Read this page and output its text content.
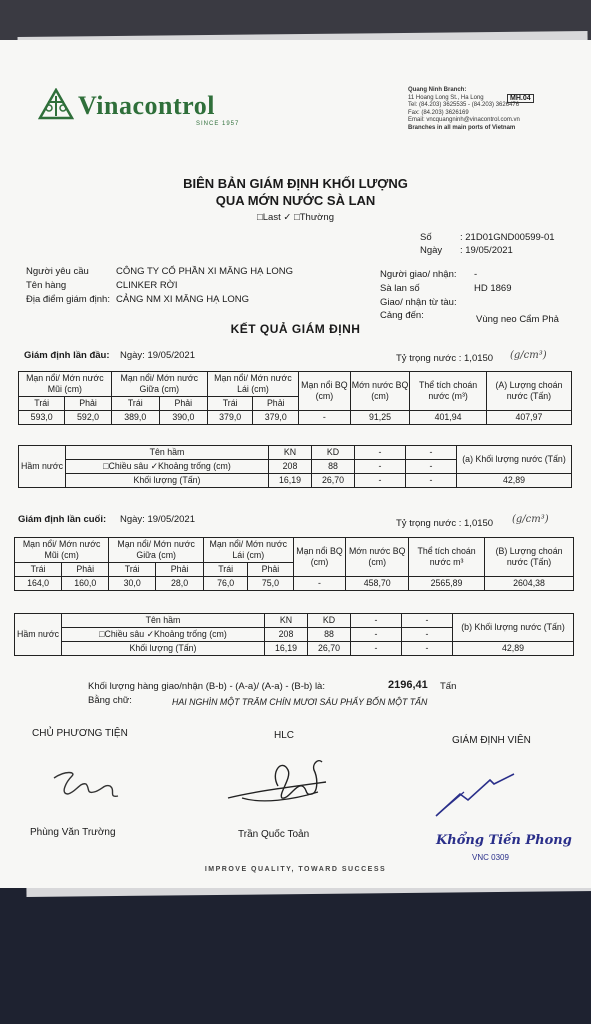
Vinacontrol
SINCE 1957
Quang Ninh Branch:
11 Hoang Long St., Ha Long
Tel: (84.203) 3625535 - (84.203) 3626476
Fax: (84.203) 3626169
Email: vncquangninh@vinacontrol.com.vn
Branches in all main ports of Vietnam
MH.04
BIÊN BẢN GIÁM ĐỊNH KHỐI LƯỢNG
QUA MỚN NƯỚC SÀ LAN
□Last ✓ □Thường
Số	: 21D01GND00599-01
Ngày : 19/05/2021
Người yêu cầu	CÔNG TY CỔ PHẦN XI MĂNG HẠ LONG
Tên hàng	CLINKER RỜI
Địa điểm giám định: CẢNG NM XI MĂNG HẠ LONG
Người giao/ nhận: -
Sà lan số	HD 1869
Giao/ nhận từ tàu:
Cảng đến:	Vùng neo Cẩm Phả
KẾT QUẢ GIÁM ĐỊNH
Giám định lần đầu: Ngày: 19/05/2021	Tỷ trọng nước : 1,0150 (g/cm³)
Mạn nổi/ Mớn nước Mũi (cm)		Mạn nổi/ Mớn nước Giữa (cm)		Mạn nổi/ Mớn nước Lái (cm)		Mạn nổi BQ (cm)	Mớn nước BQ (cm)	Thể tích choán nước (m³)	(A) Lượng choán nước (Tấn)
Trái	Phải	Trái	Phải	Trái	Phải				
593,0	592,0	389,0	390,0	379,0	379,0	-	91,25	401,94	407,97
Hầm nước	Tên hầm	KN	KD	-	-	(a) Khối lượng nước (Tấn)
	□Chiều sâu ✓Khoảng trống (cm)	208	88	-	-	
	Khối lượng (Tấn)	16,19	26,70	-	-	42,89
Giám định lần cuối: Ngày: 19/05/2021	Tỷ trọng nước : 1,0150 (g/cm³)
Mạn nổi/ Mớn nước Mũi (cm)		Mạn nổi/ Mớn nước Giữa (cm)		Mạn nổi/ Mớn nước Lái (cm)		Mạn nổi BQ (cm)	Mớn nước BQ (cm)	Thể tích choán nước m³	(B) Lượng choán nước (Tấn)
Trái	Phải	Trái	Phải	Trái	Phải				
164,0	160,0	30,0	28,0	76,0	75,0	-	458,70	2565,89	2604,38
Hầm nước	Tên hầm	KN	KD	-	-	(b) Khối lượng nước (Tấn)
	□Chiều sâu ✓Khoảng trống (cm)	208	88	-	-	
	Khối lượng (Tấn)	16,19	26,70	-	-	42,89
Khối lượng hàng giao/nhận (B-b) - (A-a)/ (A-a) - (B-b) là:	2196,41 Tấn
Bằng chữ:	HAI NGHÌN MỘT TRĂM CHÍN MƯƠI SÁU PHẨY BỐN MỘT TẤN
CHỦ PHƯƠNG TIỆN	HLC	GIÁM ĐỊNH VIÊN
Phùng Văn Trường	Trần Quốc Toản	Khổng Tiến Phong
VNC 0309
IMPROVE QUALITY, TOWARD SUCCESS
